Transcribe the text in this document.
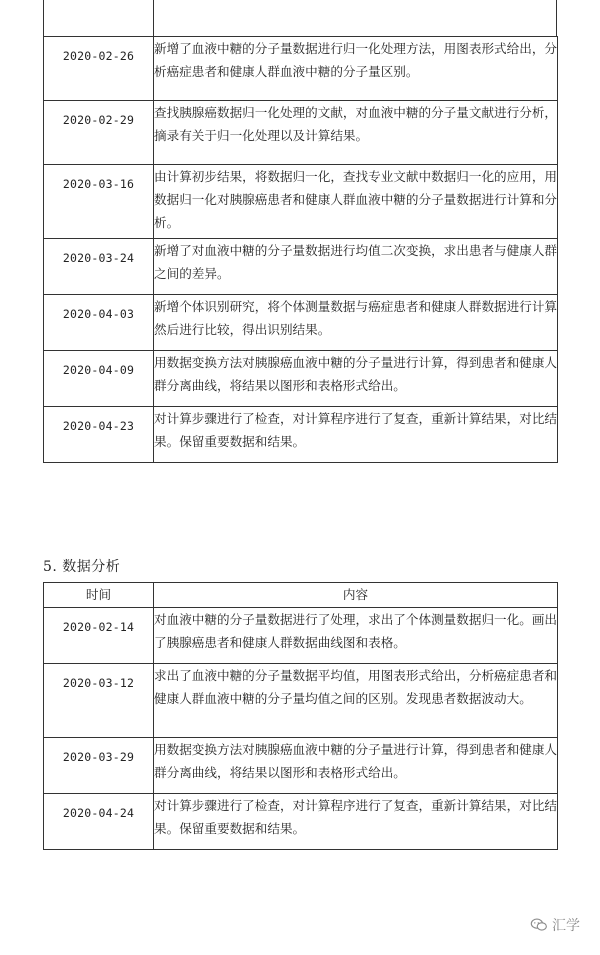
2020-02-26	新增了血液中糖的分子量数据进行归一化处理方法，用图表形式给出，分析癌症患者和健康人群血液中糖的分子量区别。
2020-02-29	查找胰腺癌数据归一化处理的文献，对血液中糖的分子量文献进行分析，摘录有关于归一化处理以及计算结果。
2020-03-16	由计算初步结果，将数据归一化，查找专业文献中数据归一化的应用，用数据归一化对胰腺癌患者和健康人群血液中糖的分子量数据进行计算和分析。
2020-03-24	新增了对血液中糖的分子量数据进行均值二次变换，求出患者与健康人群之间的差异。
2020-04-03	新增个体识别研究，将个体测量数据与癌症患者和健康人群数据进行计算然后进行比较，得出识别结果。
2020-04-09	用数据变换方法对胰腺癌血液中糖的分子量进行计算，得到患者和健康人群分离曲线，将结果以图形和表格形式给出。
2020-04-23	对计算步骤进行了检查，对计算程序进行了复查，重新计算结果，对比结果。保留重要数据和结果。
5. 数据分析
时间	内容
2020-02-14	对血液中糖的分子量数据进行了处理，求出了个体测量数据归一化。画出了胰腺癌患者和健康人群数据曲线图和表格。
2020-03-12	求出了血液中糖的分子量数据平均值，用图表形式给出，分析癌症患者和健康人群血液中糖的分子量均值之间的区别。发现患者数据波动大。
2020-03-29	用数据变换方法对胰腺癌血液中糖的分子量进行计算，得到患者和健康人群分离曲线，将结果以图形和表格形式给出。
2020-04-24	对计算步骤进行了检查，对计算程序进行了复查，重新计算结果，对比结果。保留重要数据和结果。
汇学
